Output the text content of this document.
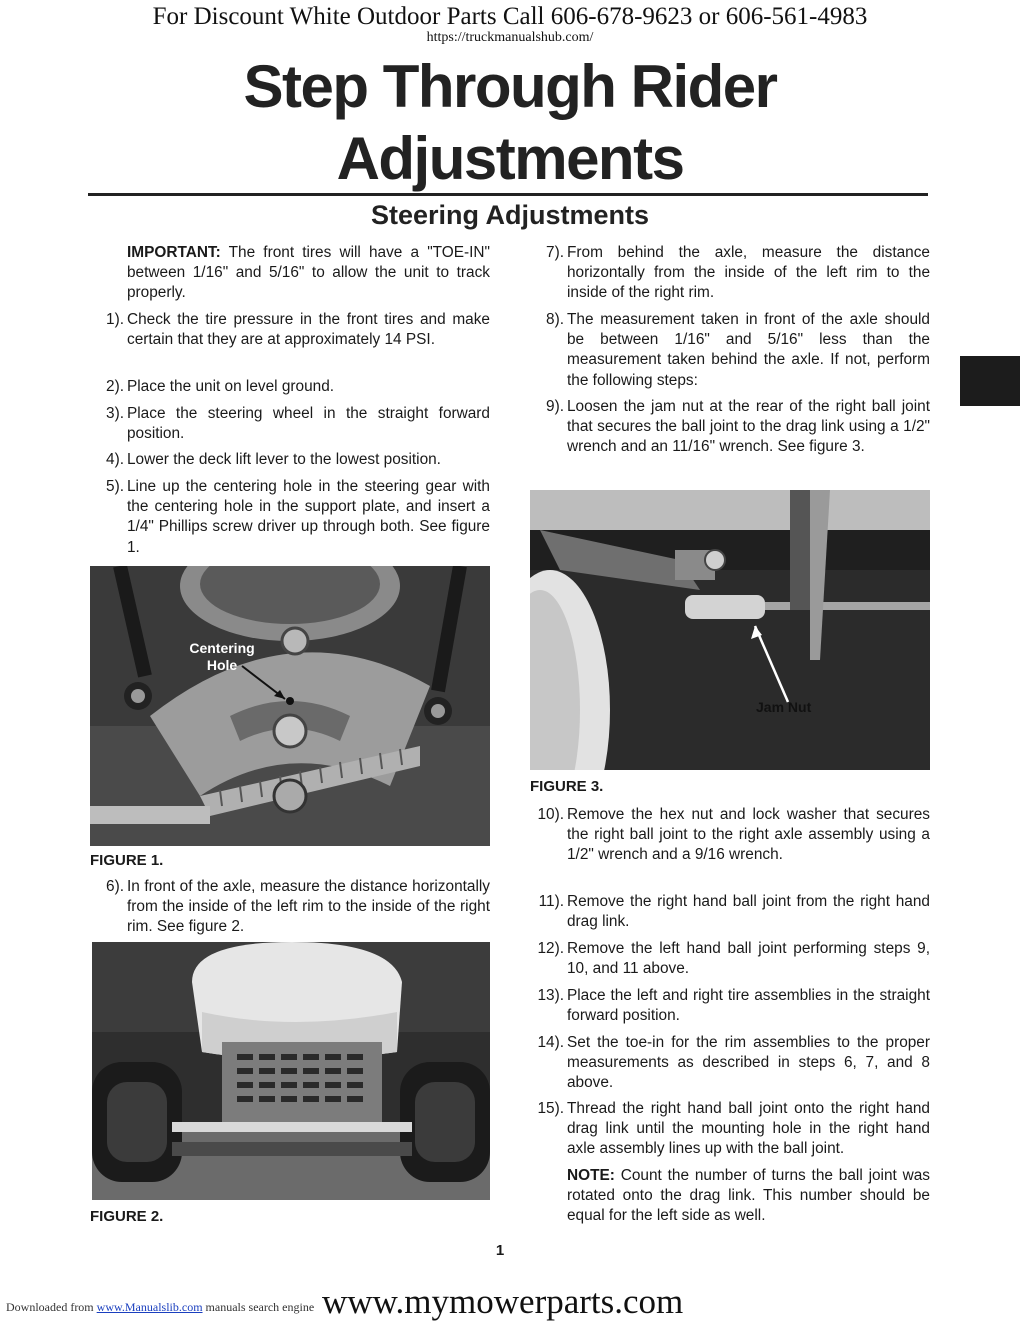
For Discount White Outdoor Parts Call 606-678-9623 or 606-561-4983
https://truckmanualshub.com/
Step Through Rider
Adjustments
Steering Adjustments
IMPORTANT: The front tires will have a "TOE-IN" between 1/16" and 5/16" to allow the unit to track properly.
1). Check the tire pressure in the front tires and make certain that they are at approximately 14 PSI.
2). Place the unit on level ground.
3). Place the steering wheel in the straight forward position.
4). Lower the deck lift lever to the lowest position.
5). Line up the centering hole in the steering gear with the centering hole in the support plate, and insert a 1/4" Phillips screw driver up through both. See figure 1.
Centering
Hole
FIGURE 1.
6). In front of the axle, measure the distance horizontally from the inside of the left rim to the inside of the right rim. See figure 2.
FIGURE 2.
7). From behind the axle, measure the distance horizontally from the inside of the left rim to the inside of the right rim.
8). The measurement taken in front of the axle should be between 1/16" and 5/16" less than the measurement taken behind the axle. If not, perform the following steps:
9). Loosen the jam nut at the rear of the right ball joint that secures the ball joint to the drag link using a 1/2" wrench and an 11/16" wrench. See figure 3.
Jam Nut
FIGURE 3.
10). Remove the hex nut and lock washer that secures the right ball joint to the right axle assembly using a 1/2" wrench and a 9/16 wrench.
11). Remove the right hand ball joint from the right hand drag link.
12). Remove the left hand ball joint performing steps 9, 10, and 11 above.
13). Place the left and right tire assemblies in the straight forward position.
14). Set the toe-in for the rim assemblies to the proper measurements as described in steps 6, 7, and 8 above.
15). Thread the right hand ball joint onto the right hand drag link until the mounting hole in the right hand axle assembly lines up with the ball joint.
NOTE: Count the number of turns the ball joint was rotated onto the drag link. This number should be equal for the left side as well.
1
Downloaded from www.Manualslib.com manuals search engine www.mymowerparts.com
